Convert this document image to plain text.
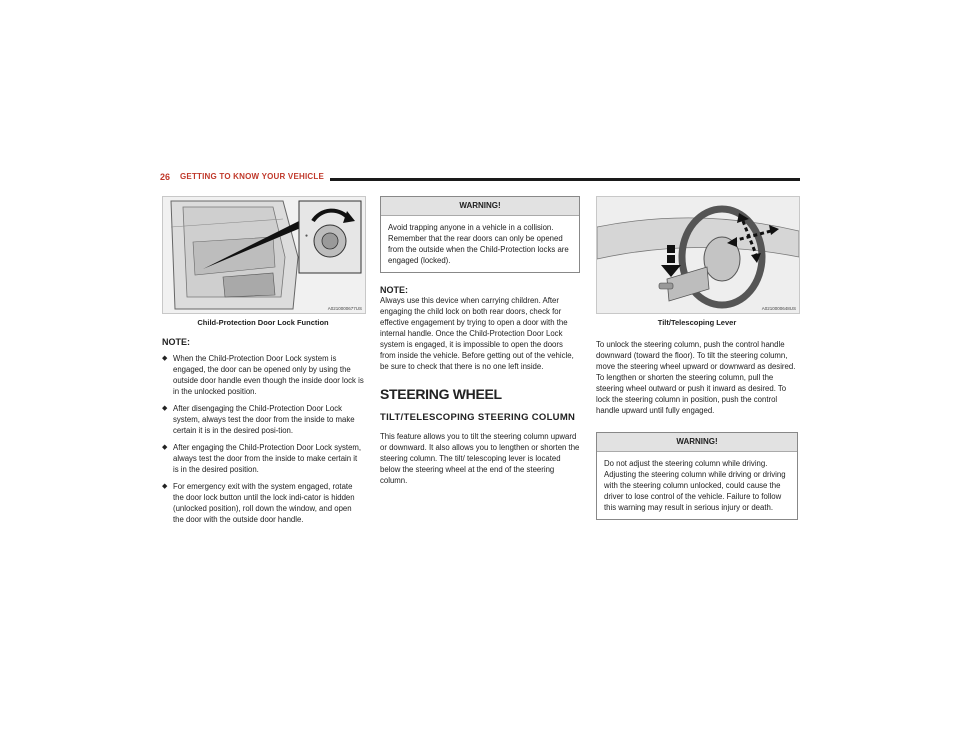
26 GETTING TO KNOW YOUR VEHICLE
●
A0210000677US
Child-Protection Door Lock Function
NOTE:
◆ When the Child-Protection Door Lock system is engaged, the door can be opened only by using the outside door handle even though the inside door lock is in the unlocked position.
◆ After disengaging the Child-Protection Door Lock system, always test the door from the inside to make certain it is in the desired posi-tion.
◆ After engaging the Child-Protection Door Lock system, always test the door from the inside to make certain it is in the desired position.
◆ For emergency exit with the system engaged, rotate the door lock button until the lock indi-cator is hidden (unlocked position), roll down the window, and open the door with the outside door handle.
WARNING!
Avoid trapping anyone in a vehicle in a collision. Remember that the rear doors can only be opened from the outside when the Child-Protection locks are engaged (locked).
NOTE:

Always use this device when carrying children. After engaging the child lock on both rear doors, check for effective engagement by trying to open a door with the internal handle. Once the Child-Protection Door Lock system is engaged, it is impossible to open the doors from inside the vehicle. Before getting out of the vehicle, be sure to check that there is no one left inside.

STEERING WHEEL
TILT/TELESCOPING STEERING COLUMN

This feature allows you to tilt the steering column upward or downward. It also allows you to lengthen or shorten the steering column. The tilt/ telescoping lever is located below the steering wheel at the end of the steering column.

A0210000648US
Tilt/Telescoping Lever

To unlock the steering column, push the control handle downward (toward the floor). To tilt the steering column, move the steering wheel upward or downward as desired. To lengthen or shorten the steering column, pull the steering wheel outward or push it inward as desired. To lock the steering column in position, push the control handle upward until fully engaged.

WARNING!
Do not adjust the steering column while driving. Adjusting the steering column while driving or driving with the steering column unlocked, could cause the driver to lose control of the vehicle. Failure to follow this warning may result in serious injury or death.
